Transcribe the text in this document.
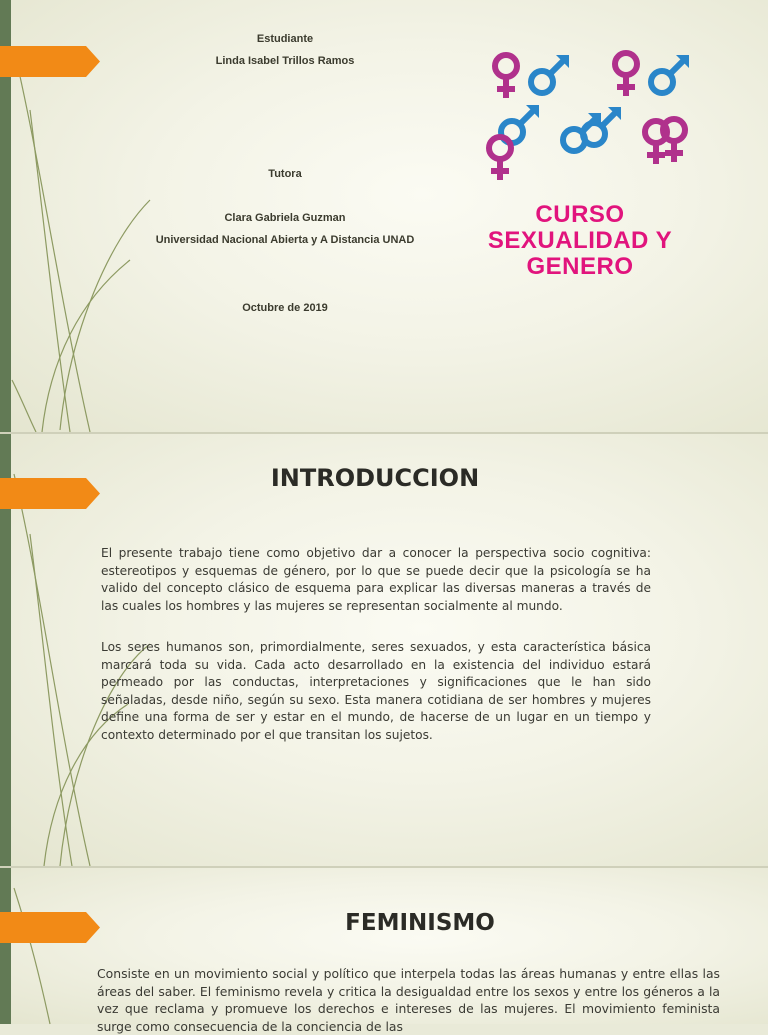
Estudiante
Linda Isabel Trillos Ramos
Tutora
Clara Gabriela Guzman
Universidad Nacional Abierta y A Distancia UNAD
Octubre de 2019
CURSO
SEXUALIDAD Y
GENERO
INTRODUCCION

El presente trabajo tiene como objetivo dar a conocer la perspectiva socio cognitiva: estereotipos y esquemas de género, por lo que se puede decir que la psicología se ha valido del concepto clásico de esquema para explicar las diversas maneras a través de las cuales los hombres y las mujeres se representan socialmente al mundo.

Los seres humanos son, primordialmente, seres sexuados, y esta característica básica marcará toda su vida. Cada acto desarrollado en la existencia del individuo estará permeado por las conductas, interpretaciones y significaciones que le han sido señaladas, desde niño, según su sexo. Esta manera cotidiana de ser hombres y mujeres define una forma de ser y estar en el mundo, de hacerse de un lugar en un tiempo y contexto determinado por el que transitan los sujetos.

FEMINISMO

Consiste en un movimiento social y político que interpela todas las áreas humanas y entre ellas las áreas del saber. El feminismo revela y critica la desigualdad entre los sexos y entre los géneros a la vez que reclama y promueve los derechos e intereses de las mujeres. El movimiento feminista surge como consecuencia de la conciencia de las
